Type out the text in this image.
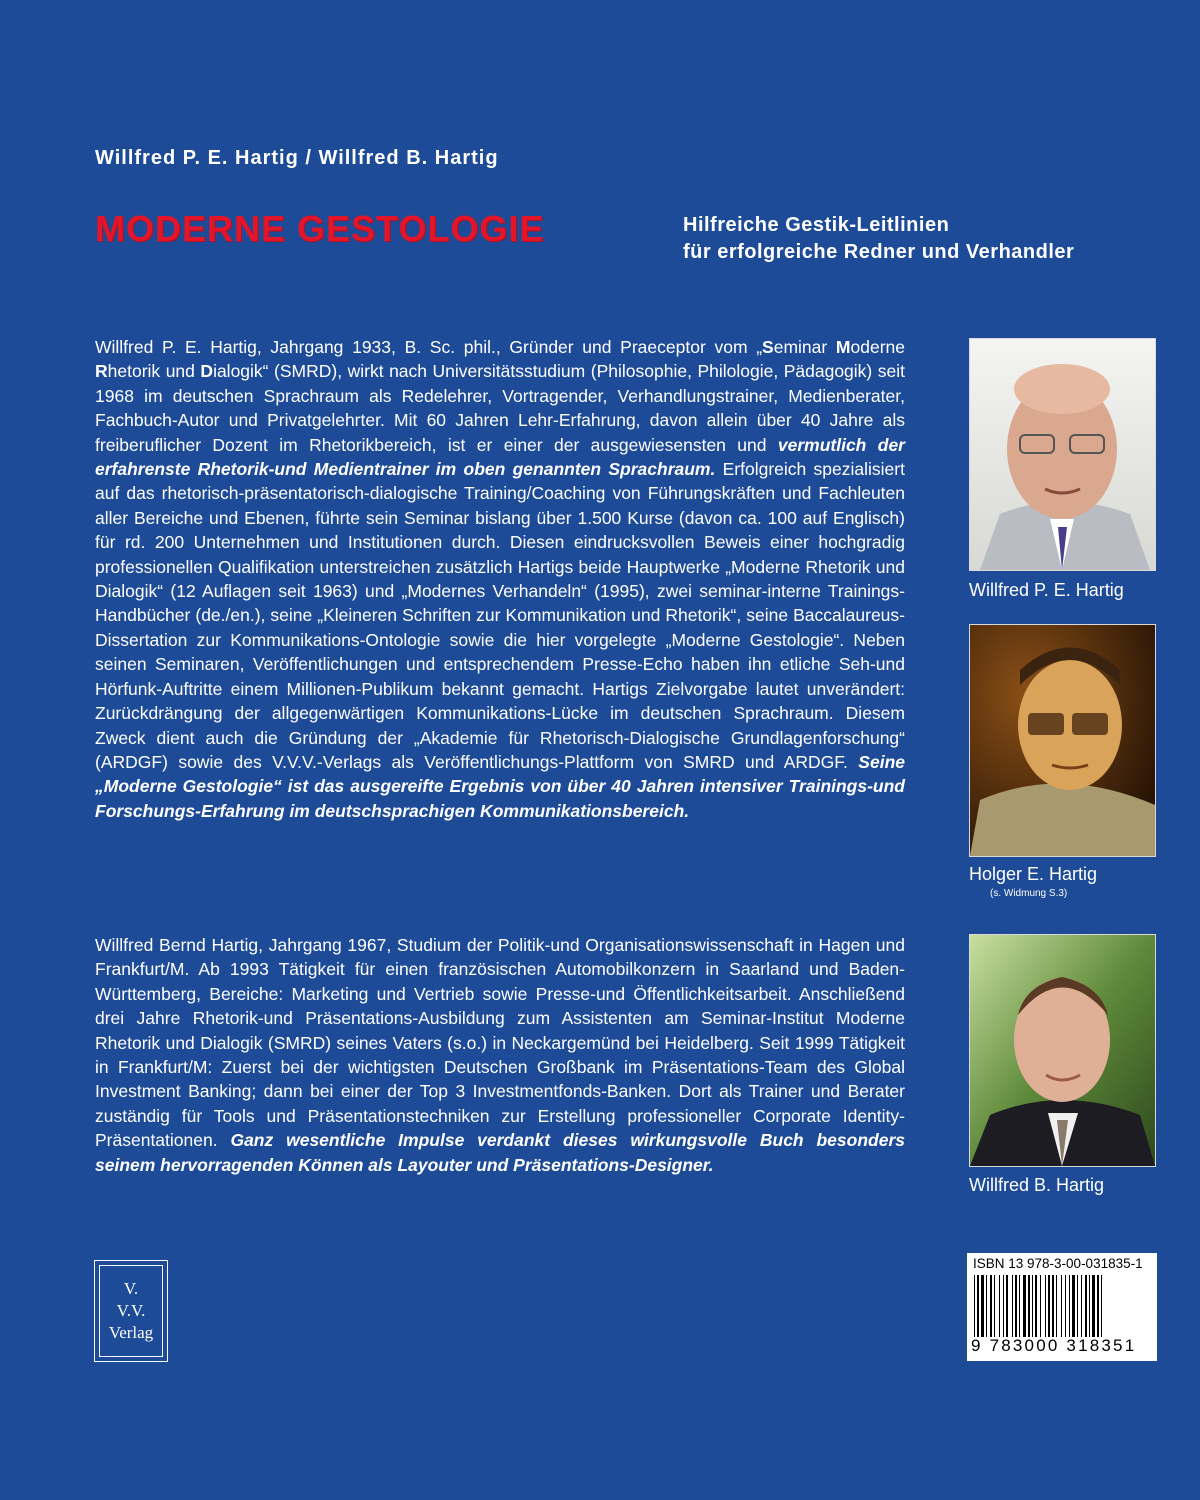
Willfred P. E. Hartig / Willfred B. Hartig
MODERNE GESTOLOGIE	Hilfreiche Gestik-Leitlinien
für erfolgreiche Redner und Verhandler

Willfred P. E. Hartig, Jahrgang 1933, B. Sc. phil., Gründer und Praeceptor vom „Seminar Moderne Rhetorik und Dialogik“ (SMRD), wirkt nach Universitätsstudium (Philosophie, Philologie, Pädagogik) seit 1968 im deutschen Sprachraum als Redelehrer, Vortragender, Verhandlungstrainer, Medienberater, Fachbuch-Autor und Privatgelehrter. Mit 60 Jahren Lehr-Erfahrung, davon allein über 40 Jahre als freiberuflicher Dozent im Rhetorikbereich, ist er einer der ausgewiesensten und vermutlich der erfahrenste Rhetorik-und Medientrainer im oben genannten Sprachraum. Erfolgreich spezialisiert auf das rhetorisch-präsentatorisch-dialogische Training/Coaching von Führungskräften und Fachleuten aller Bereiche und Ebenen, führte sein Seminar bislang über 1.500 Kurse (davon ca. 100 auf Englisch) für rd. 200 Unternehmen und Institutionen durch. Diesen eindrucksvollen Beweis einer hochgradig professionellen Qualifikation unterstreichen zusätzlich Hartigs beide Hauptwerke „Moderne Rhetorik und Dialogik“ (12 Auflagen seit 1963) und „Modernes Verhandeln“ (1995), zwei seminar-interne Trainings-Handbücher (de./en.), seine „Kleineren Schriften zur Kommunikation und Rhetorik“, seine Baccalaureus-Dissertation zur Kommunikations-Ontologie sowie die hier vorgelegte „Moderne Gestologie“. Neben seinen Seminaren, Veröffentlichungen und entsprechendem Presse-Echo haben ihn etliche Seh-und Hörfunk-Auftritte einem Millionen-Publikum bekannt gemacht. Hartigs Zielvorgabe lautet unverändert: Zurückdrängung der allgegenwärtigen Kommunikations-Lücke im deutschen Sprachraum. Diesem Zweck dient auch die Gründung der „Akademie für Rhetorisch-Dialogische Grundlagenforschung“ (ARDGF) sowie des V.V.V.-Verlags als Veröffentlichungs-Plattform von SMRD und ARDGF. Seine „Moderne Gestologie“ ist das ausgereifte Ergebnis von über 40 Jahren intensiver Trainings-und Forschungs-Erfahrung im deutschsprachigen Kommunikationsbereich.

Willfred Bernd Hartig, Jahrgang 1967, Studium der Politik-und Organisationswissenschaft in Hagen und Frankfurt/M. Ab 1993 Tätigkeit für einen französischen Automobilkonzern in Saarland und Baden-Württemberg, Bereiche: Marketing und Vertrieb sowie Presse-und Öffentlichkeitsarbeit. Anschließend drei Jahre Rhetorik-und Präsentations-Ausbildung zum Assistenten am Seminar-Institut Moderne Rhetorik und Dialogik (SMRD) seines Vaters (s.o.) in Neckargemünd bei Heidelberg. Seit 1999 Tätigkeit in Frankfurt/M: Zuerst bei der wichtigsten Deutschen Großbank im Präsentations-Team des Global Investment Banking; dann bei einer der Top 3 Investmentfonds-Banken. Dort als Trainer und Berater zuständig für Tools und Präsentationstechniken zur Erstellung professioneller Corporate Identity-Präsentationen. Ganz wesentliche Impulse verdankt dieses wirkungsvolle Buch besonders seinem hervorragenden Können als Layouter und Präsentations-Designer.

Willfred P. E. Hartig
Holger E. Hartig
(s. Widmung S.3)
Willfred B. Hartig
V.
V.V.
Verlag
ISBN 13 978-3-00-031835-1
9 783000 318351
